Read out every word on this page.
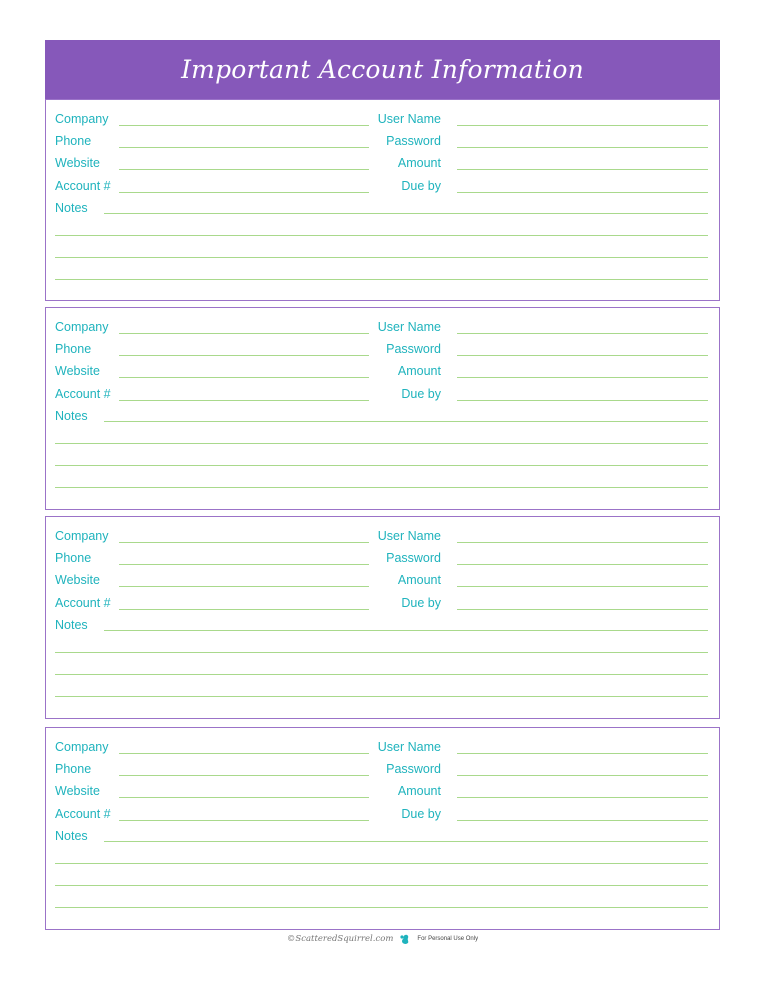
Important Account Information
Company
Phone
Website
Account #
User Name
Password
Amount
Due by
Notes
Company
Phone
Website
Account #
User Name
Password
Amount
Due by
Notes
Company
Phone
Website
Account #
User Name
Password
Amount
Due by
Notes
Company
Phone
Website
Account #
User Name
Password
Amount
Due by
Notes
©ScatteredSquirrel.com	For Personal Use Only
